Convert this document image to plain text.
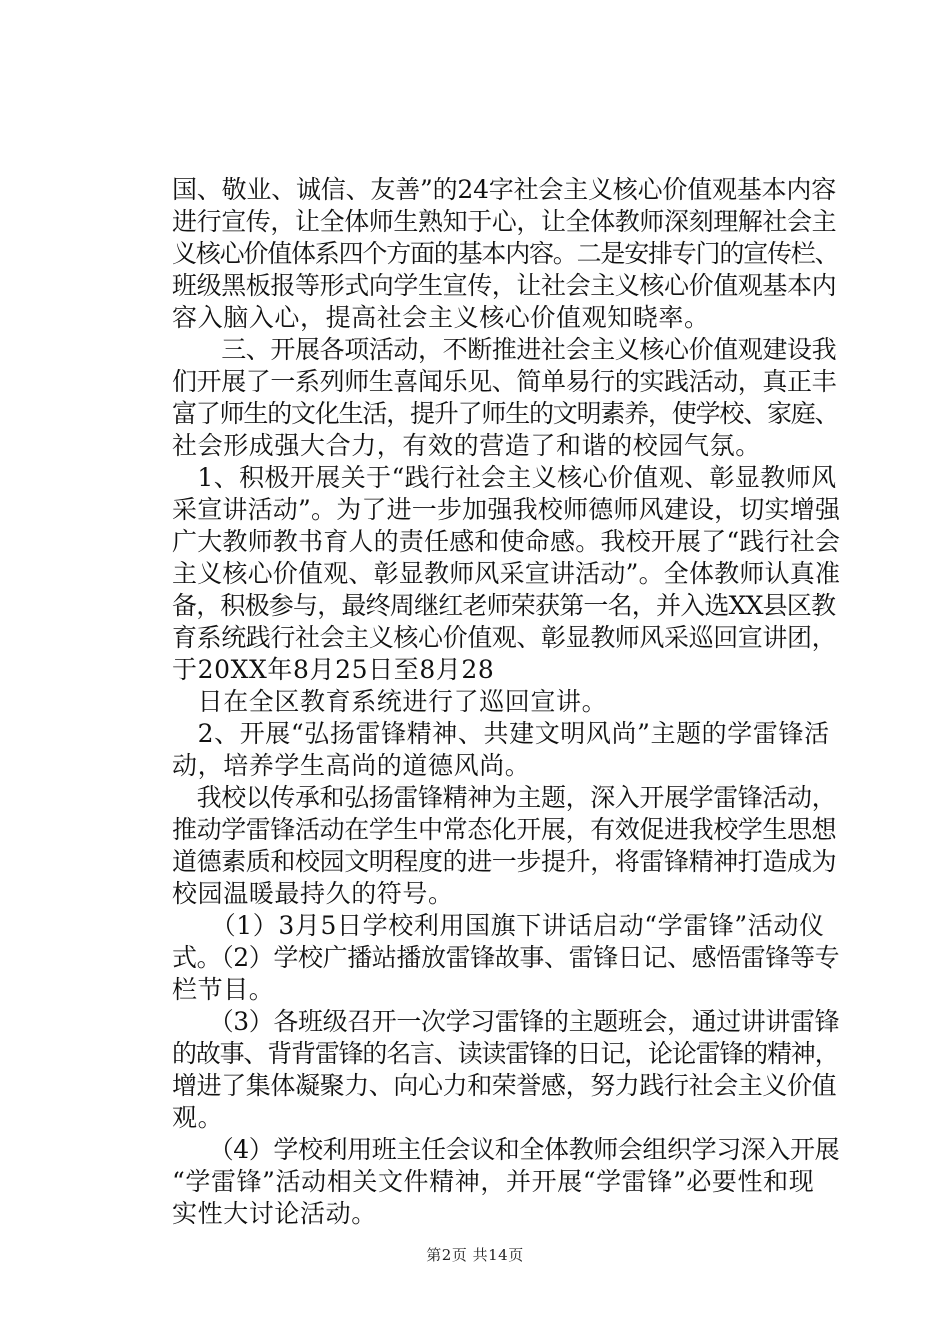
国、敬业、诚信、友善”的24字社会主义核心价值观基本内容
进行宣传，让全体师生熟知于心，让全体教师深刻理解社会主
义核心价值体系四个方面的基本内容。二是安排专门的宣传栏、
班级黑板报等形式向学生宣传，让社会主义核心价值观基本内
容入脑入心，提高社会主义核心价值观知晓率。
　　三、开展各项活动，不断推进社会主义核心价值观建设我
们开展了一系列师生喜闻乐见、简单易行的实践活动，真正丰
富了师生的文化生活，提升了师生的文明素养，使学校、家庭、
社会形成强大合力，有效的营造了和谐的校园气氛。
　1、积极开展关于“践行社会主义核心价值观、彰显教师风
采宣讲活动”。为了进一步加强我校师德师风建设，切实增强
广大教师教书育人的责任感和使命感。我校开展了“践行社会
主义核心价值观、彰显教师风采宣讲活动”。全体教师认真准
备，积极参与，最终周继红老师荣获第一名，并入选XX县区教
育系统践行社会主义核心价值观、彰显教师风采巡回宣讲团，
于20XX年8月25日至8月28
　日在全区教育系统进行了巡回宣讲。
　2、开展“弘扬雷锋精神、共建文明风尚”主题的学雷锋活
动，培养学生高尚的道德风尚。
　我校以传承和弘扬雷锋精神为主题，深入开展学雷锋活动，
推动学雷锋活动在学生中常态化开展，有效促进我校学生思想
道德素质和校园文明程度的进一步提升，将雷锋精神打造成为
校园温暖最持久的符号。
　　（1）3月5日学校利用国旗下讲话启动“学雷锋”活动仪
式。（2）学校广播站播放雷锋故事、雷锋日记、感悟雷锋等专
栏节目。
　　（3）各班级召开一次学习雷锋的主题班会，通过讲讲雷锋
的故事、背背雷锋的名言、读读雷锋的日记，论论雷锋的精神，
增进了集体凝聚力、向心力和荣誉感，努力践行社会主义价值
观。
　　（4）学校利用班主任会议和全体教师会组织学习深入开展
“学雷锋”活动相关文件精神，并开展“学雷锋”必要性和现
实性大讨论活动。
第2页 共14页
